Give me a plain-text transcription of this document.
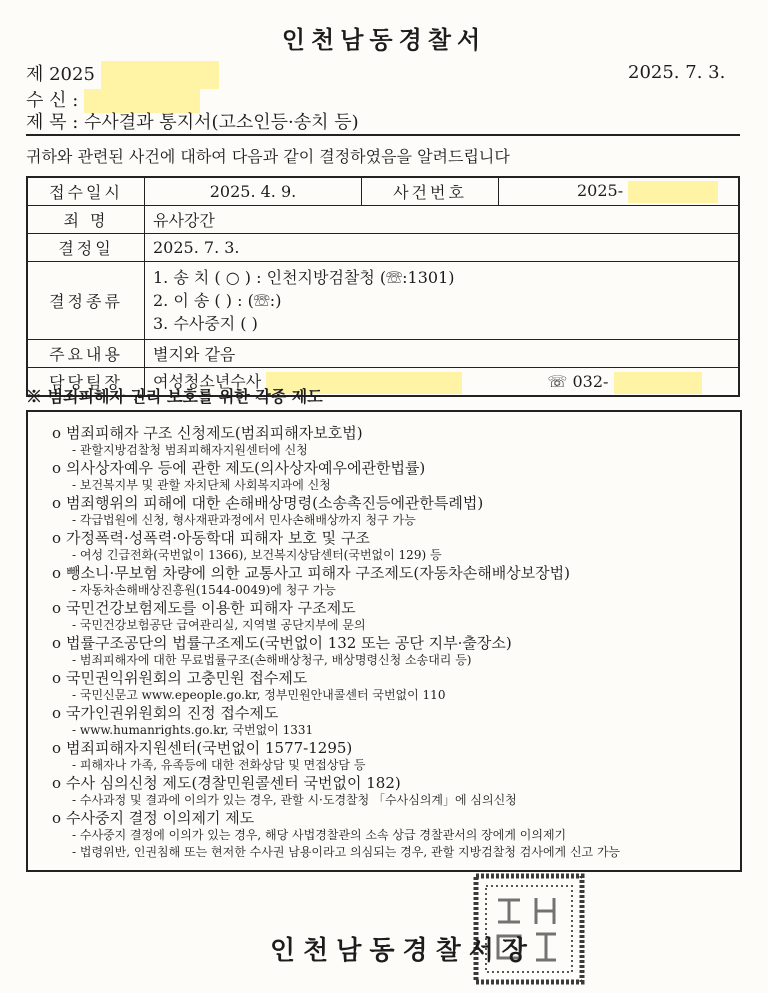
인천남동경찰서
제 2025	2025. 7. 3.
수 신 :
제 목 : 수사결과 통지서(고소인등·송치 등)
귀하와 관련된 사건에 대하여 다음과 같이 결정하였음을 알려드립니다
접수일시	2025. 4. 9.	사건번호	2025-
죄 명	유사강간		
결정일	2025. 7. 3.		
결정종류	1. 송 치 ( ○ ) : 인천지방검찰청 (☏:1301)
2. 이 송 ( ) : (☏:)
3. 수사중지 ( )		

주요내용	별지와 같음		
담당팀장	여성청소년수사 ☏ 032-		
※ 범죄피해자 권리 보호를 위한 각종 제도
o 범죄피해자 구조 신청제도(범죄피해자보호법)
- 관할지방검찰청 범죄피해자지원센터에 신청
o 의사상자예우 등에 관한 제도(의사상자예우에관한법률)
- 보건복지부 및 관할 자치단체 사회복지과에 신청
o 범죄행위의 피해에 대한 손해배상명령(소송촉진등에관한특례법)
- 각급법원에 신청, 형사재판과정에서 민사손해배상까지 청구 가능
o 가정폭력·성폭력·아동학대 피해자 보호 및 구조
- 여성 긴급전화(국번없이 1366), 보건복지상담센터(국번없이 129) 등
o 뺑소니·무보험 차량에 의한 교통사고 피해자 구조제도(자동차손해배상보장법)
- 자동차손해배상진흥원(1544-0049)에 청구 가능
o 국민건강보험제도를 이용한 피해자 구조제도
- 국민건강보험공단 급여관리실, 지역별 공단지부에 문의
o 법률구조공단의 법률구조제도(국번없이 132 또는 공단 지부·출장소)
- 범죄피해자에 대한 무료법률구조(손해배상청구, 배상명령신청 소송대리 등)
o 국민권익위원회의 고충민원 접수제도
- 국민신문고 www.epeople.go.kr, 정부민원안내콜센터 국번없이 110
o 국가인권위원회의 진정 접수제도
- www.humanrights.go.kr, 국번없이 1331
o 범죄피해자지원센터(국번없이 1577-1295)
- 피해자나 가족, 유족등에 대한 전화상담 및 면접상담 등
o 수사 심의신청 제도(경찰민원콜센터 국번없이 182)
- 수사과정 및 결과에 이의가 있는 경우, 관할 시·도경찰청 「수사심의계」에 심의신청
o 수사중지 결정 이의제기 제도
- 수사중지 결정에 이의가 있는 경우, 해당 사법경찰관의 소속 상급 경찰관서의 장에게 이의제기
- 법령위반, 인권침해 또는 현저한 수사권 남용이라고 의심되는 경우, 관할 지방검찰청 검사에게 신고 가능
인천남동경찰서장
